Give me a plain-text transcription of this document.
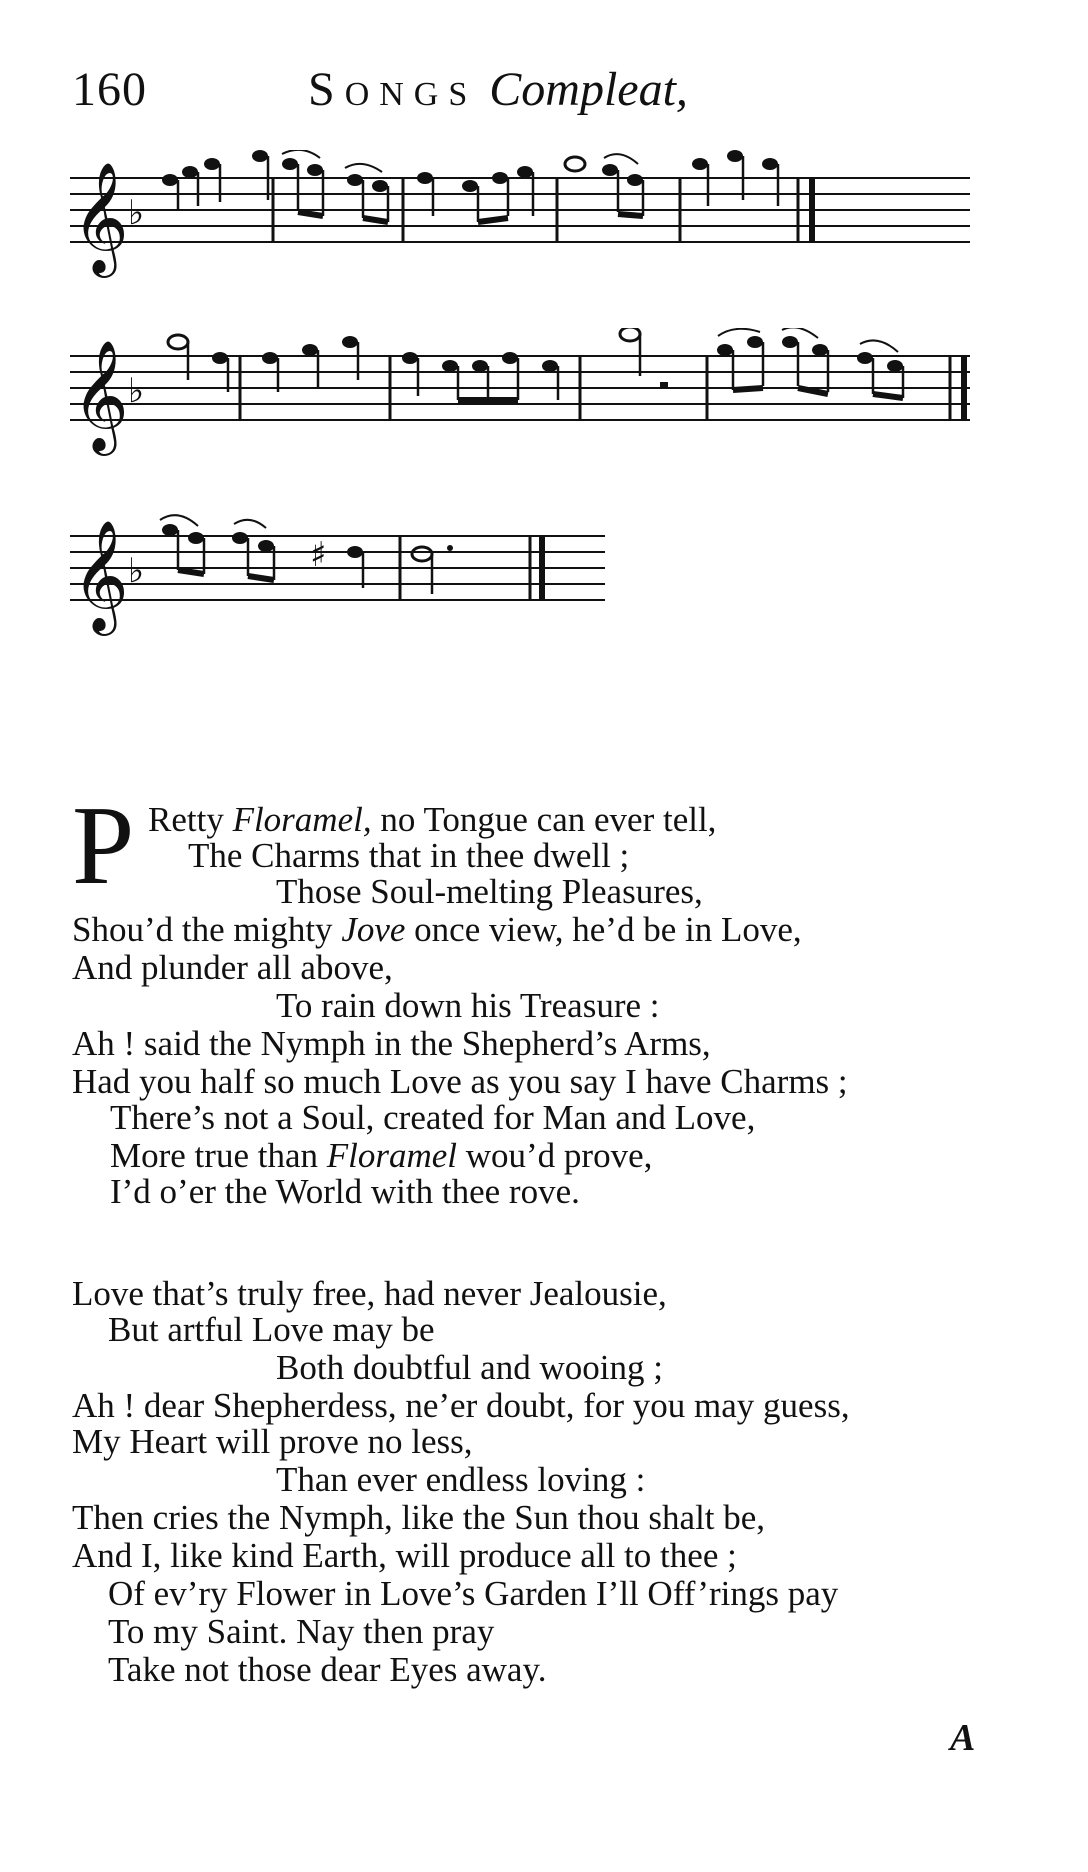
160	Songs Compleat,
𝄞 ♭
𝄞 ♭
𝄞 ♭	♯
P Retty Floramel, no Tongue can ever tell,
The Charms that in thee dwell ;
Those Soul-melting Pleasures,
Shou’d the mighty Jove once view, he’d be in Love,
And plunder all above,
To rain down his Treasure :
Ah ! said the Nymph in the Shepherd’s Arms,
Had you half so much Love as you say I have Charms ;
There’s not a Soul, created for Man and Love,
More true than Floramel wou’d prove,
I’d o’er the World with thee rove.
Love that’s truly free, had never Jealousie,
But artful Love may be
Both doubtful and wooing ;
Ah ! dear Shepherdess, ne’er doubt, for you may guess,
My Heart will prove no less,
Than ever endless loving :
Then cries the Nymph, like the Sun thou shalt be,
And I, like kind Earth, will produce all to thee ;
Of ev’ry Flower in Love’s Garden I’ll Off’rings pay
To my Saint. Nay then pray
Take not those dear Eyes away.
A
